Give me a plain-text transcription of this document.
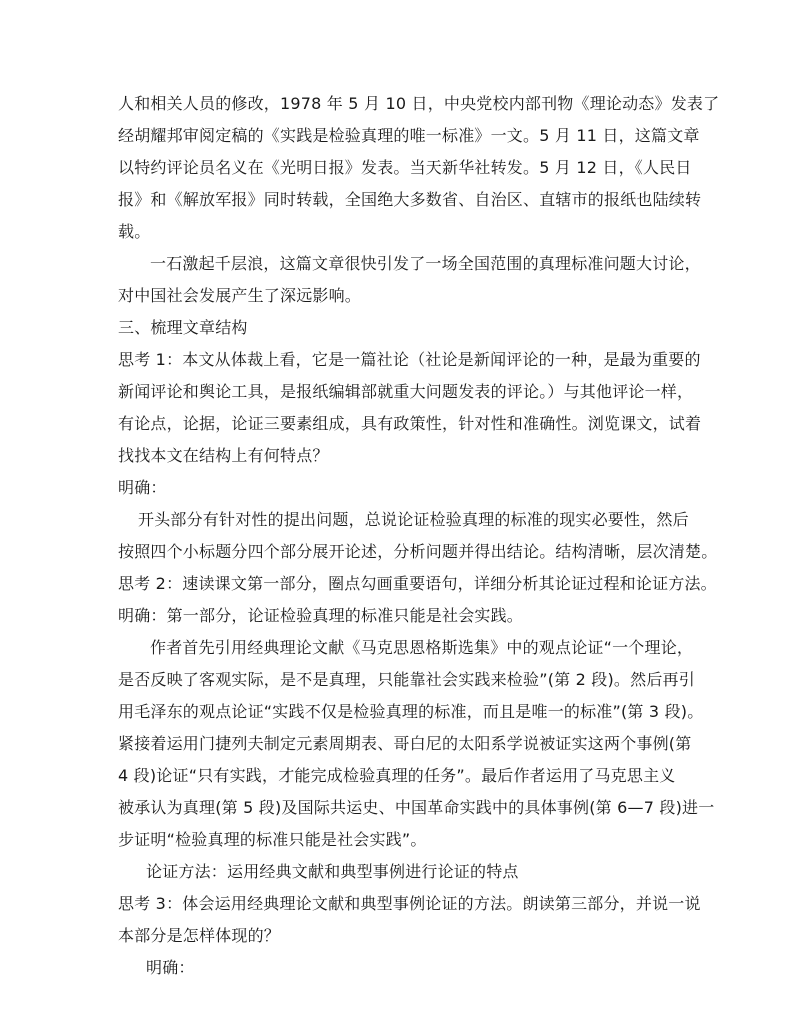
人和相关人员的修改，1978 年 5 月 10 日，中央党校内部刊物《理论动态》发表了
经胡耀邦审阅定稿的《实践是检验真理的唯一标准》一文。5 月 11 日，这篇文章
以特约评论员名义在《光明日报》发表。当天新华社转发。5 月 12 日，《人民日
报》和《解放军报》同时转载，全国绝大多数省、自治区、直辖市的报纸也陆续转
载。
一石激起千层浪，这篇文章很快引发了一场全国范围的真理标准问题大讨论，
对中国社会发展产生了深远影响。
三、梳理文章结构
思考 1：本文从体裁上看，它是一篇社论（社论是新闻评论的一种，是最为重要的
新闻评论和舆论工具，是报纸编辑部就重大问题发表的评论。）与其他评论一样，
有论点，论据，论证三要素组成，具有政策性，针对性和准确性。浏览课文，试着
找找本文在结构上有何特点？
明确：
开头部分有针对性的提出问题，总说论证检验真理的标准的现实必要性，然后
按照四个小标题分四个部分展开论述，分析问题并得出结论。结构清晰，层次清楚。
思考 2：速读课文第一部分，圈点勾画重要语句，详细分析其论证过程和论证方法。
明确：第一部分，论证检验真理的标准只能是社会实践。
作者首先引用经典理论文献《马克思恩格斯选集》中的观点论证“一个理论，
是否反映了客观实际，是不是真理，只能靠社会实践来检验”(第 2 段)。然后再引
用毛泽东的观点论证“实践不仅是检验真理的标准，而且是唯一的标准”(第 3 段)。
紧接着运用门捷列夫制定元素周期表、哥白尼的太阳系学说被证实这两个事例(第
4 段)论证“只有实践，才能完成检验真理的任务”。最后作者运用了马克思主义
被承认为真理(第 5 段)及国际共运史、中国革命实践中的具体事例(第 6—7 段)进一
步证明“检验真理的标准只能是社会实践”。
论证方法：运用经典文献和典型事例进行论证的特点
思考 3：体会运用经典理论文献和典型事例论证的方法。朗读第三部分，并说一说
本部分是怎样体现的？
明确：
